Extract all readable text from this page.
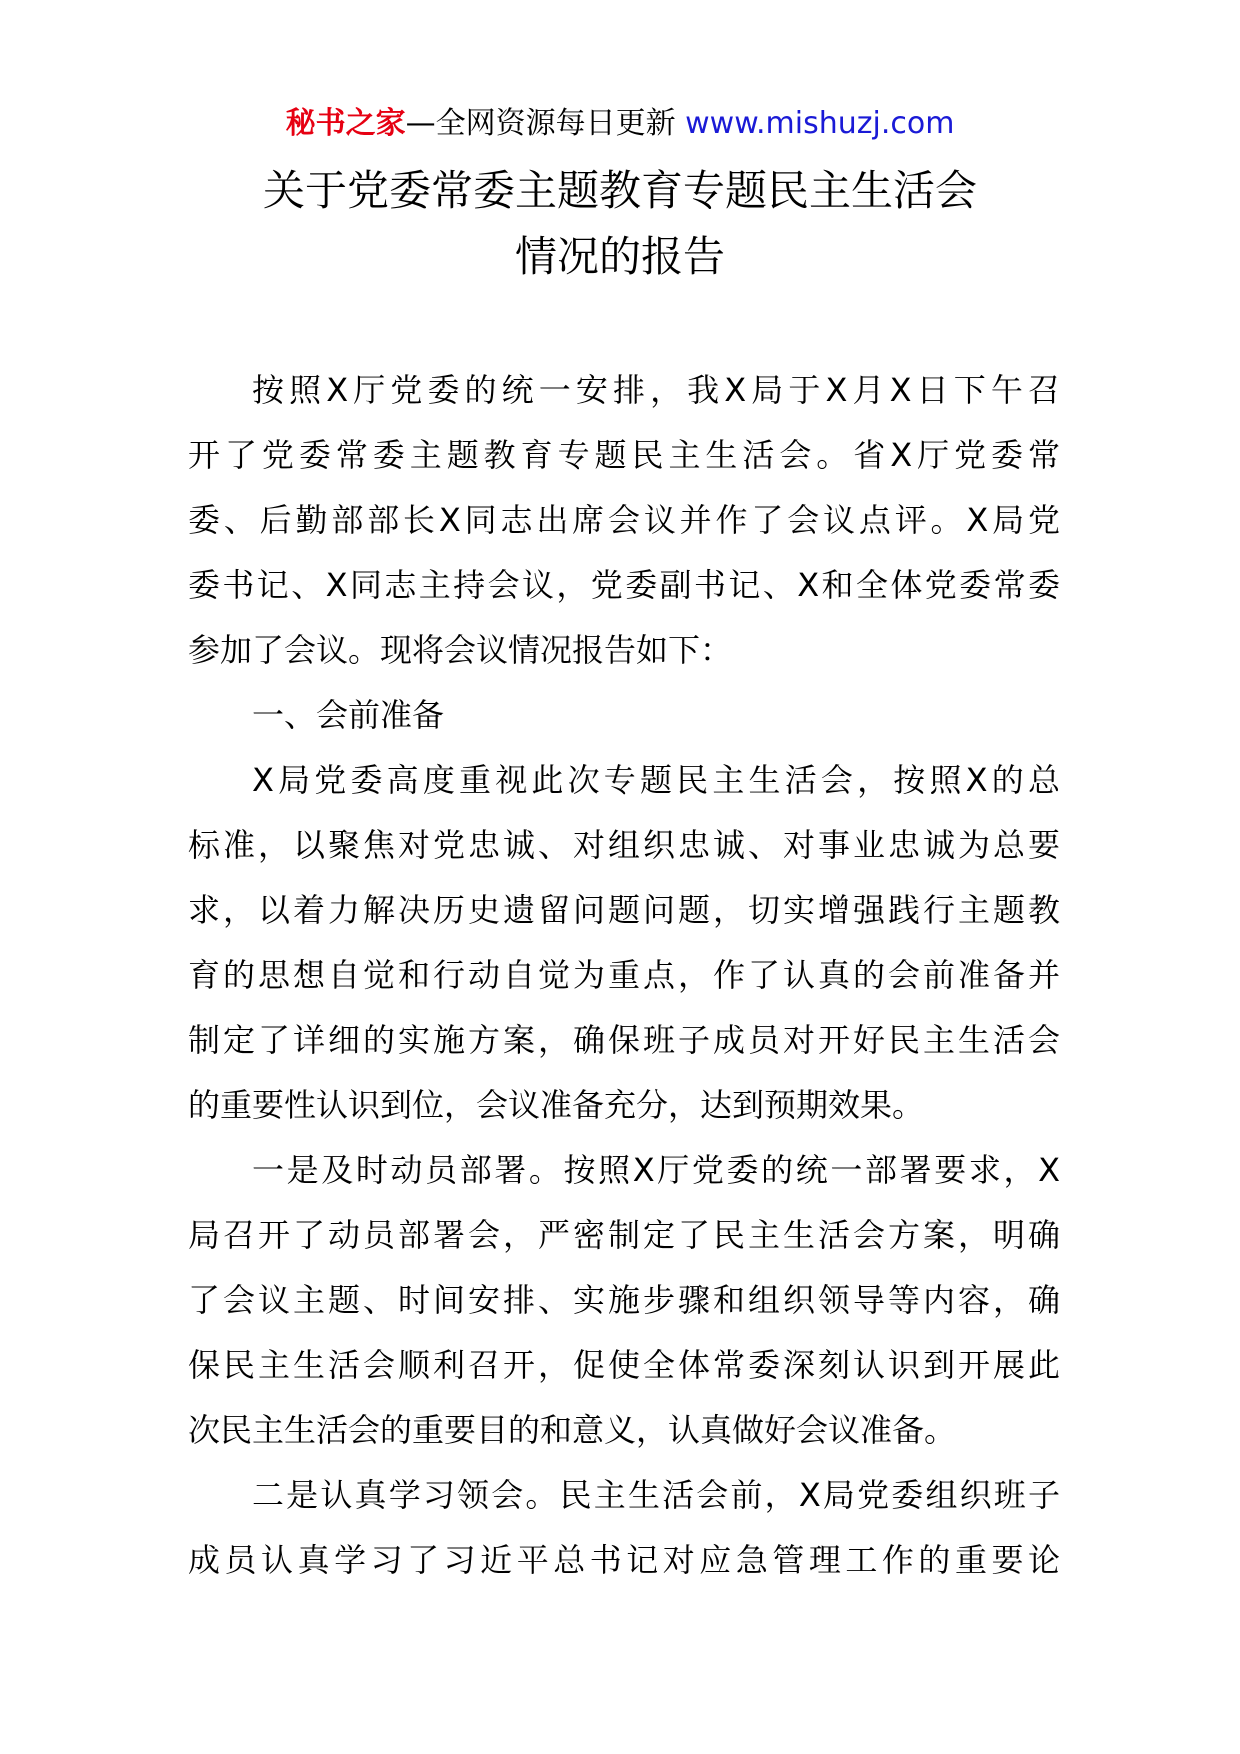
秘书之家—全网资源每日更新 www.mishuzj.com
关于党委常委主题教育专题民主生活会
情况的报告
按照X厅党委的统一安排，我X局于X月X日下午召
开了党委常委主题教育专题民主生活会。省X厅党委常
委、后勤部部长X同志出席会议并作了会议点评。X局党
委书记、X同志主持会议，党委副书记、X和全体党委常委
参加了会议。现将会议情况报告如下：
一、会前准备
X局党委高度重视此次专题民主生活会，按照X的总
标准，以聚焦对党忠诚、对组织忠诚、对事业忠诚为总要
求，以着力解决历史遗留问题问题，切实增强践行主题教
育的思想自觉和行动自觉为重点，作了认真的会前准备并
制定了详细的实施方案，确保班子成员对开好民主生活会
的重要性认识到位，会议准备充分，达到预期效果。
一是及时动员部署。按照X厅党委的统一部署要求，X
局召开了动员部署会，严密制定了民主生活会方案，明确
了会议主题、时间安排、实施步骤和组织领导等内容，确
保民主生活会顺利召开，促使全体常委深刻认识到开展此
次民主生活会的重要目的和意义，认真做好会议准备。
二是认真学习领会。民主生活会前，X局党委组织班子
成员认真学习了习近平总书记对应急管理工作的重要论
